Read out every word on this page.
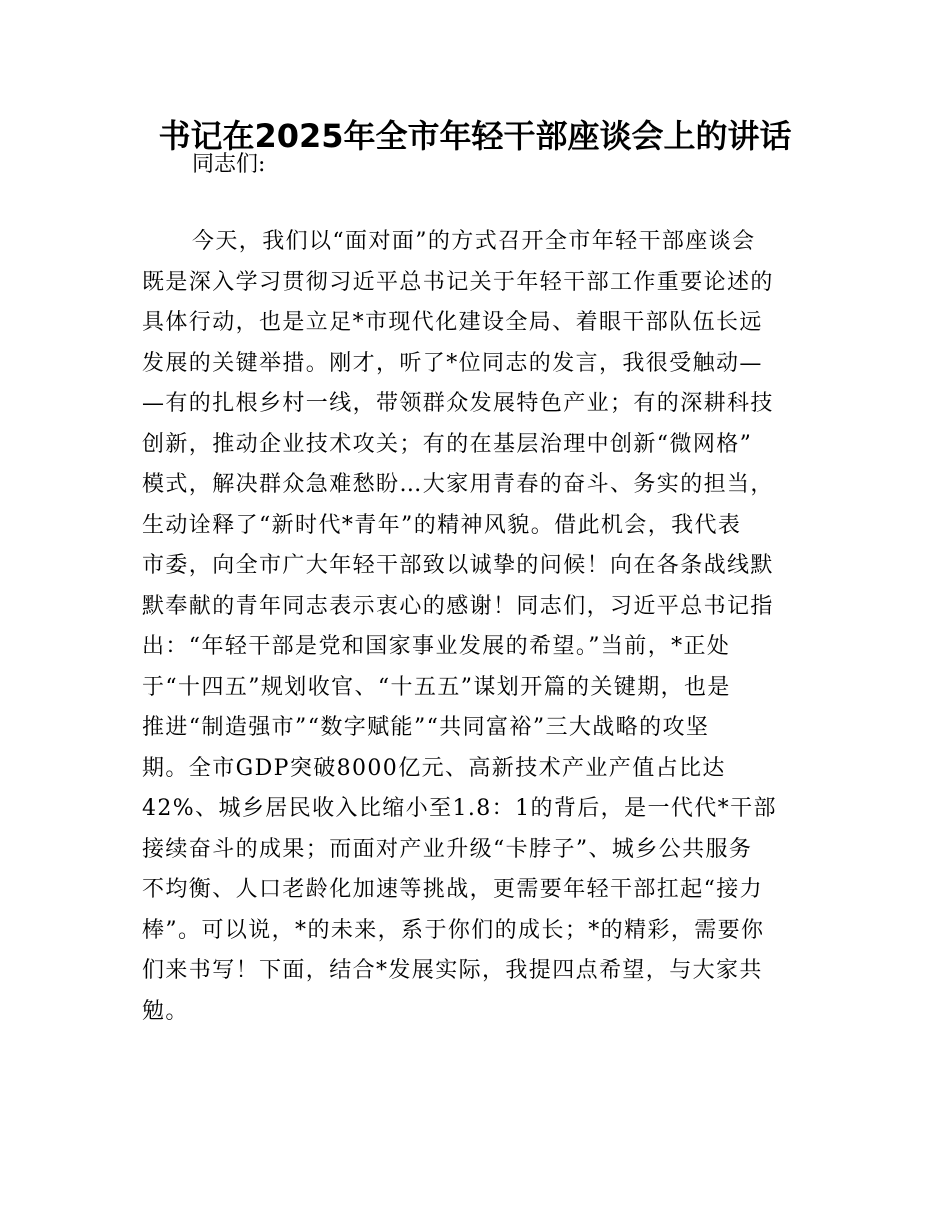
书记在2025年全市年轻干部座谈会上的讲话

同志们:

今天，我们以“面对面”的方式召开全市年轻干部座谈会
既是深入学习贯彻习近平总书记关于年轻干部工作重要论述的
具体行动，也是立足*市现代化建设全局、着眼干部队伍长远
发展的关键举措。刚才，听了*位同志的发言，我很受触动—
—有的扎根乡村一线，带领群众发展特色产业；有的深耕科技
创新，推动企业技术攻关；有的在基层治理中创新“微网格”
模式，解决群众急难愁盼…大家用青春的奋斗、务实的担当，
生动诠释了“新时代*青年”的精神风貌。借此机会，我代表
市委，向全市广大年轻干部致以诚挚的问候！向在各条战线默
默奉献的青年同志表示衷心的感谢！同志们，习近平总书记指
出：“年轻干部是党和国家事业发展的希望。”当前，*正处
于“十四五”规划收官、“十五五”谋划开篇的关键期，也是
推进“制造强市”“数字赋能”“共同富裕”三大战略的攻坚
期。全市GDP突破8000亿元、高新技术产业产值占比达
42%、城乡居民收入比缩小至1.8：1的背后，是一代代*干部
接续奋斗的成果；而面对产业升级“卡脖子”、城乡公共服务
不均衡、人口老龄化加速等挑战，更需要年轻干部扛起“接力
棒”。可以说，*的未来，系于你们的成长；*的精彩，需要你
们来书写！下面，结合*发展实际，我提四点希望，与大家共
勉。
